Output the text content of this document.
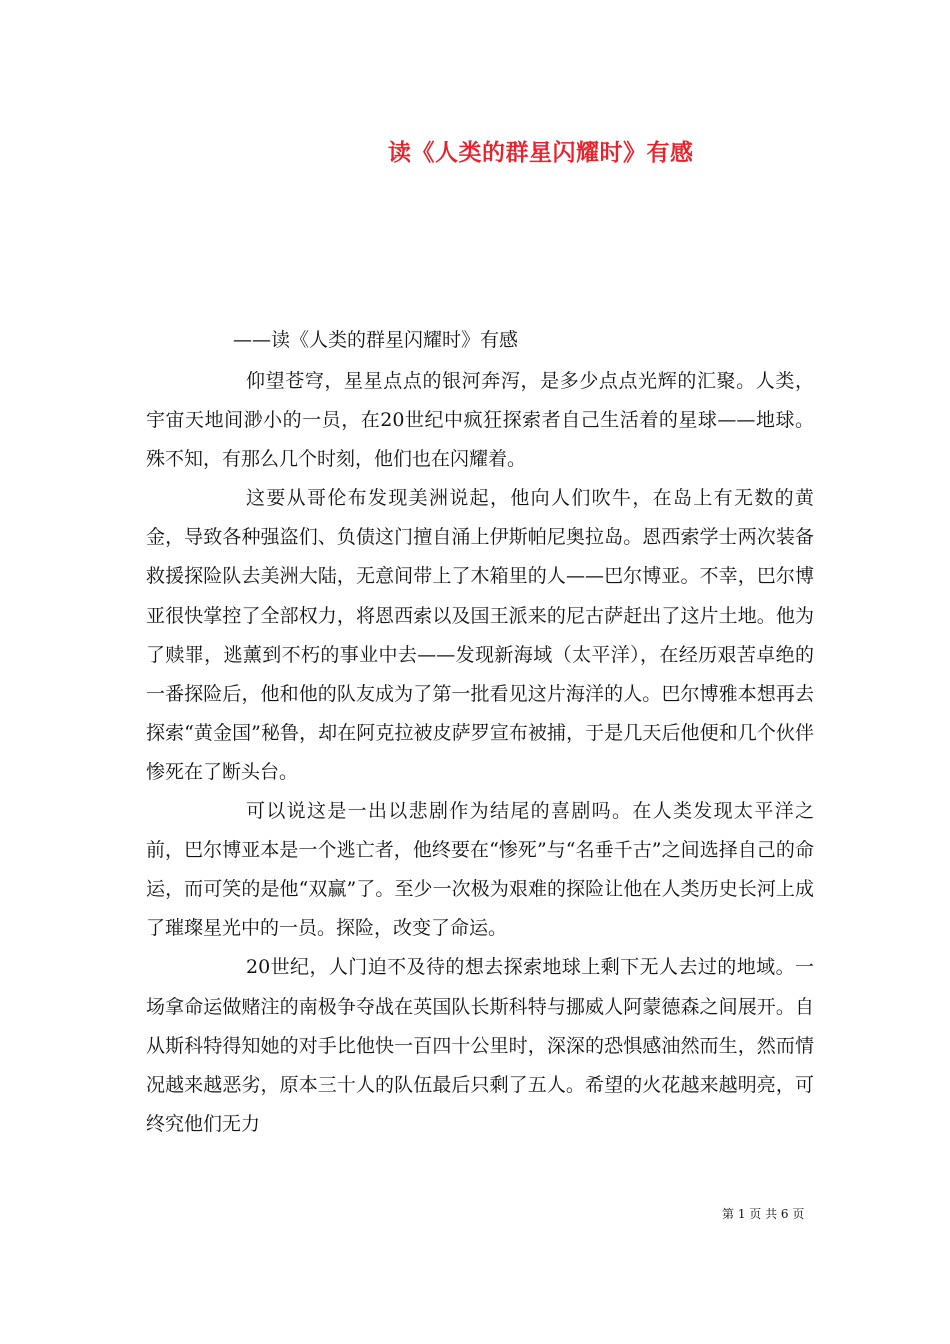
读《人类的群星闪耀时》有感
——读《人类的群星闪耀时》有感

仰望苍穹，星星点点的银河奔泻，是多少点点光辉的汇聚。人类，宇宙天地间渺小的一员，在20世纪中疯狂探索者自己生活着的星球——地球。殊不知，有那么几个时刻，他们也在闪耀着。

这要从哥伦布发现美洲说起，他向人们吹牛，在岛上有无数的黄金，导致各种强盗们、负债这门擅自涌上伊斯帕尼奥拉岛。恩西索学士两次装备救援探险队去美洲大陆，无意间带上了木箱里的人——巴尔博亚。不幸，巴尔博亚很快掌控了全部权力，将恩西索以及国王派来的尼古萨赶出了这片土地。他为了赎罪，逃薰到不朽的事业中去——发现新海域（太平洋），在经历艰苦卓绝的一番探险后，他和他的队友成为了第一批看见这片海洋的人。巴尔博雅本想再去探索“黄金国”秘鲁，却在阿克拉被皮萨罗宣布被捕，于是几天后他便和几个伙伴惨死在了断头台。

可以说这是一出以悲剧作为结尾的喜剧吗。在人类发现太平洋之前，巴尔博亚本是一个逃亡者，他终要在“惨死”与“名垂千古”之间选择自己的命运，而可笑的是他“双赢”了。至少一次极为艰难的探险让他在人类历史长河上成了璀璨星光中的一员。探险，改变了命运。

20世纪，人门迫不及待的想去探索地球上剩下无人去过的地域。一场拿命运做赌注的南极争夺战在英国队长斯科特与挪威人阿蒙德森之间展开。自从斯科特得知她的对手比他快一百四十公里时，深深的恐惧感油然而生，然而情况越来越恶劣，原本三十人的队伍最后只剩了五人。希望的火花越来越明亮，可终究他们无力

第 1 页 共 6 页
